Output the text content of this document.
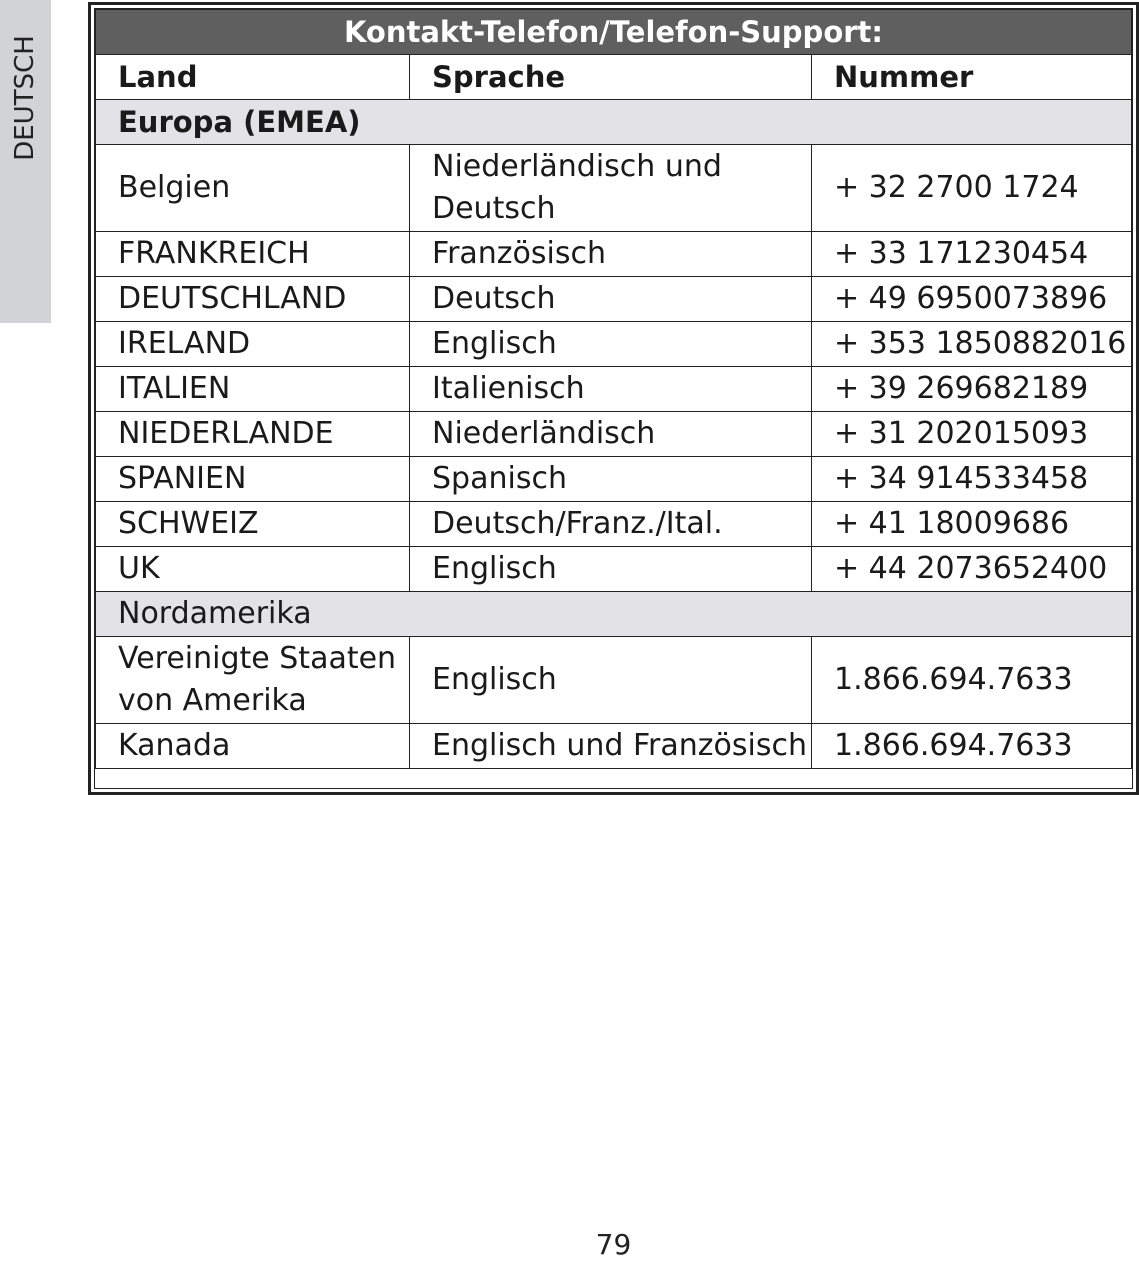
DEUTSCH
Kontakt-Telefon/Telefon-Support:		
Land	Sprache	Nummer
Europa (EMEA)		
Belgien	Niederländisch und Deutsch	+ 32 2700 1724
FRANKREICH	Französisch	+ 33 171230454
DEUTSCHLAND	Deutsch	+ 49 6950073896
IRELAND	Englisch	+ 353 1850882016
ITALIEN	Italienisch	+ 39 269682189
NIEDERLANDE	Niederländisch	+ 31 202015093
SPANIEN	Spanisch	+ 34 914533458
SCHWEIZ	Deutsch/Franz./Ital.	+ 41 18009686
UK	Englisch	+ 44 2073652400
Nordamerika		
Vereinigte Staaten von Amerika	Englisch	1.866.694.7633
Kanada	Englisch und Französisch	1.866.694.7633
79
